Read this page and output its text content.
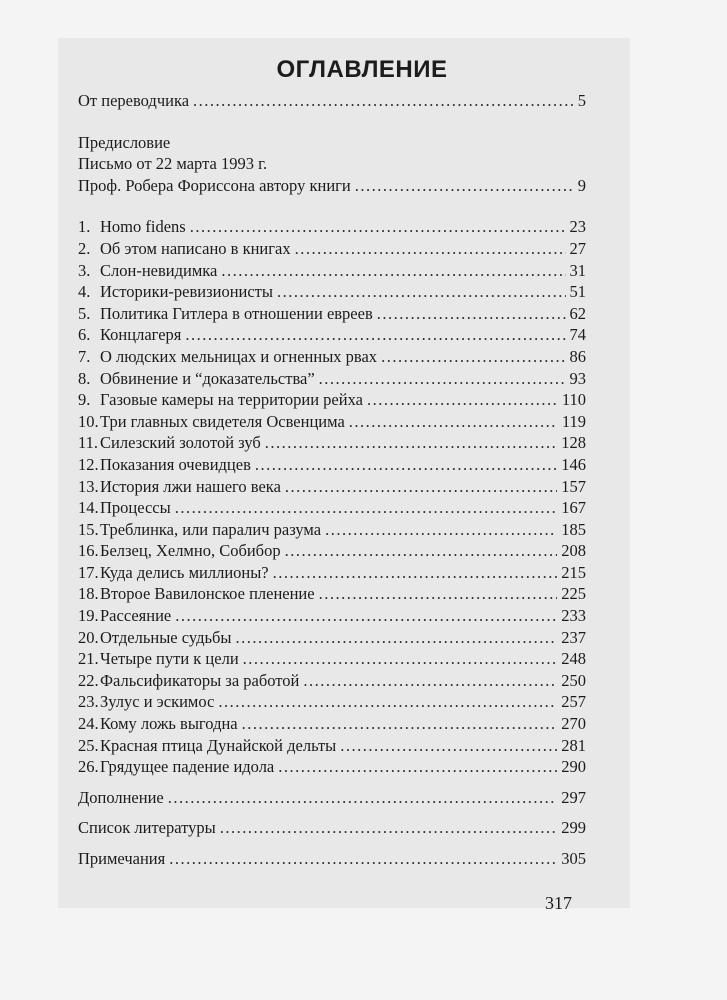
ОГЛАВЛЕНИЕ
От переводчика .....	5
Предисловие
Письмо от 22 марта 1993 г.
Проф. Робера Фориссона автору книги .....	9
1. Homo fidens .....	23
2. Об этом написано в книгах .....	27
3. Слон-невидимка .....	31
4. Историки-ревизионисты .....	51
5. Политика Гитлера в отношении евреев .....	62
6. Концлагеря .....	74
7. О людских мельницах и огненных рвах .....	86
8. Обвинение и “доказательства” .....	93
9. Газовые камеры на территории рейха .....	110
10. Три главных свидетеля Освенцима .....	119
11. Силезский золотой зуб .....	128
12. Показания очевидцев .....	146
13. История лжи нашего века .....	157
14. Процессы .....	167
15. Треблинка, или паралич разума .....	185
16. Белзец, Хелмно, Собибор .....	208
17. Куда делись миллионы? .....	215
18. Второе Вавилонское пленение .....	225
19. Рассеяние .....	233
20. Отдельные судьбы .....	237
21. Четыре пути к цели .....	248
22. Фальсификаторы за работой .....	250
23. Зулус и эскимос .....	257
24. Кому ложь выгодна .....	270
25. Красная птица Дунайской дельты .....	281
26. Грядущее падение идола .....	290
Дополнение .....	297
Список литературы .....	299
Примечания .....	305
317
